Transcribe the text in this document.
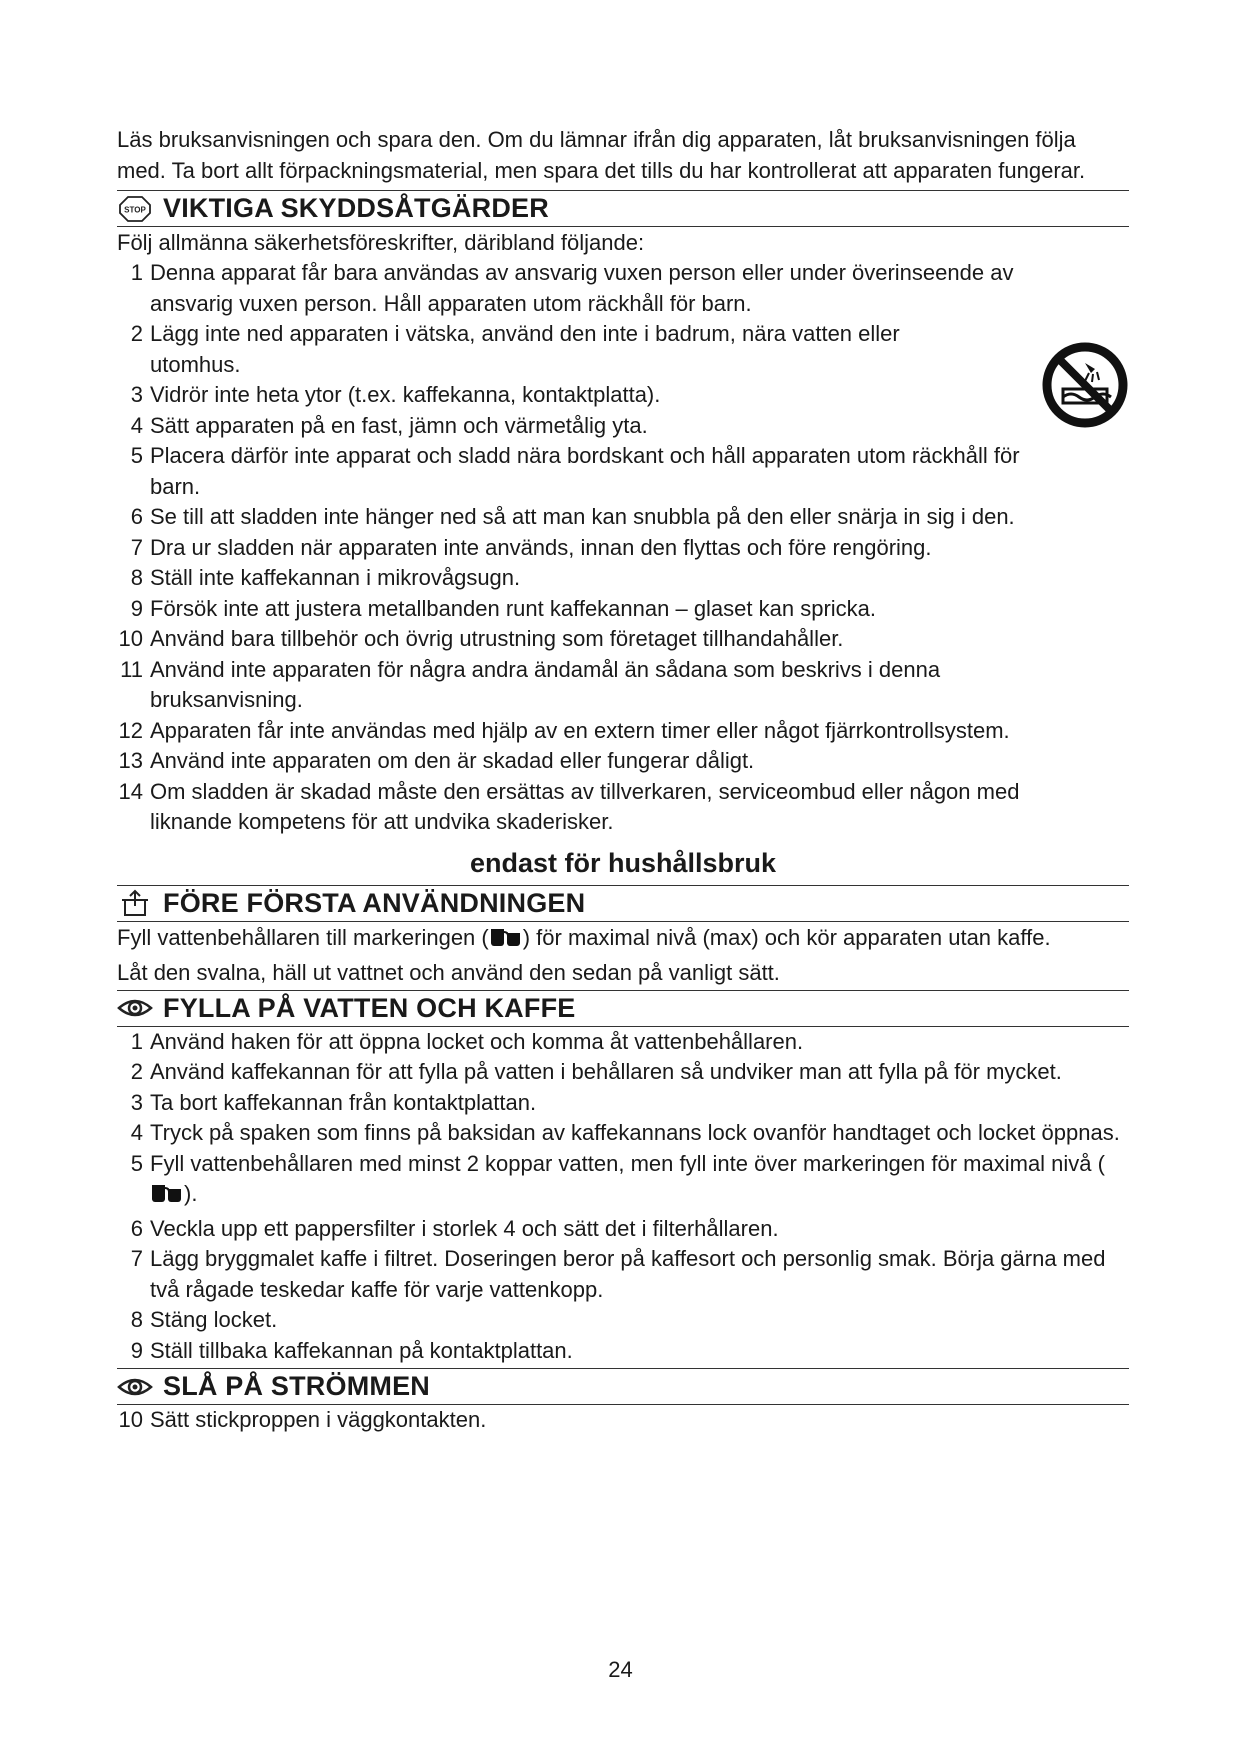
Läs bruksanvisningen och spara den. Om du lämnar ifrån dig apparaten, låt bruksanvisningen följa med. Ta bort allt förpackningsmaterial, men spara det tills du har kontrollerat att apparaten fungerar.

STOP VIKTIGA SKYDDSÅTGÄRDER

Följ allmänna säkerhetsföreskrifter, däribland följande:

1 Denna apparat får bara användas av ansvarig vuxen person eller under överinseende av ansvarig vuxen person. Håll apparaten utom räckhåll för barn.
2 Lägg inte ned apparaten i vätska, använd den inte i badrum, nära vatten eller utomhus.
3 Vidrör inte heta ytor (t.ex. kaffekanna, kontaktplatta).
4 Sätt apparaten på en fast, jämn och värmetålig yta.
5 Placera därför inte apparat och sladd nära bordskant och håll apparaten utom räckhåll för barn.
6 Se till att sladden inte hänger ned så att man kan snubbla på den eller snärja in sig i den.
7 Dra ur sladden när apparaten inte används, innan den flyttas och före rengöring.
8 Ställ inte kaffekannan i mikrovågsugn.
9 Försök inte att justera metallbanden runt kaffekannan – glaset kan spricka.
10 Använd bara tillbehör och övrig utrustning som företaget tillhandahåller.
11 Använd inte apparaten för några andra ändamål än sådana som beskrivs i denna bruksanvisning.
12 Apparaten får inte användas med hjälp av en extern timer eller något fjärrkontrollsystem.
13 Använd inte apparaten om den är skadad eller fungerar dåligt.
14 Om sladden är skadad måste den ersättas av tillverkaren, serviceombud eller någon med liknande kompetens för att undvika skaderisker.

endast för hushållsbruk

FÖRE FÖRSTA ANVÄNDNINGEN

Fyll vattenbehållaren till markeringen ( ) för maximal nivå (max) och kör apparaten utan kaffe.

Låt den svalna, häll ut vattnet och använd den sedan på vanligt sätt.

FYLLA PÅ VATTEN OCH KAFFE
1 Använd haken för att öppna locket och komma åt vattenbehållaren.
2 Använd kaffekannan för att fylla på vatten i behållaren så undviker man att fylla på för mycket.
3 Ta bort kaffekannan från kontaktplattan.
4 Tryck på spaken som finns på baksidan av kaffekannans lock ovanför handtaget och locket öppnas.
5 Fyll vattenbehållaren med minst 2 koppar vatten, men fyll inte över markeringen för maximal nivå ().
6 Veckla upp ett pappersfilter i storlek 4 och sätt det i filterhållaren.
7 Lägg bryggmalet kaffe i filtret. Doseringen beror på kaffesort och personlig smak. Börja gärna med två rågade teskedar kaffe för varje vattenkopp.
8 Stäng locket.
9 Ställ tillbaka kaffekannan på kontaktplattan.
SLÅ PÅ STRÖMMEN
10 Sätt stickproppen i väggkontakten.
24
